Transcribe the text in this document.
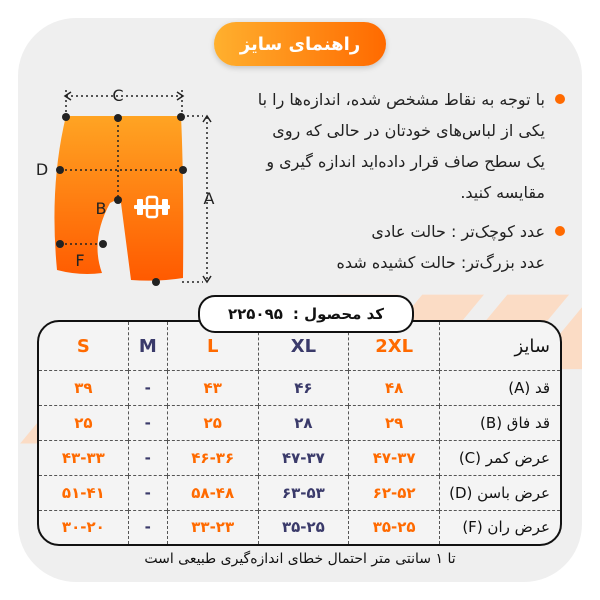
راهنمای سایز
C
D
B
A
F
با توجه به نقاط مشخص شده، اندازه‌ها را با یکی از لباس‌های خودتان در حالی که روی یک سطح صاف قرار داده‌اید اندازه گیری و مقایسه کنید.
عدد کوچک‌تر : حالت عادی
عدد بزرگ‌تر: حالت کشیده شده
سایز	2XL	XL	L	M	S
قد (A)	۴۸	۴۶	۴۳	-	۳۹
قد فاق (B)	۲۹	۲۸	۲۵	-	۲۵
عرض کمر (C)	۴۷-۳۷	۴۷-۳۷	۴۶-۳۶	-	۴۳-۳۳
عرض باسن (D)	۶۲-۵۲	۶۳-۵۳	۵۸-۴۸	-	۵۱-۴۱
عرض ران (F)	۳۵-۲۵	۳۵-۲۵	۳۳-۲۳	-	۳۰-۲۰
کد محصول :
۲۲۵۰۹۵
تا ۱ سانتی متر احتمال خطای اندازه‌گیری طبیعی است
